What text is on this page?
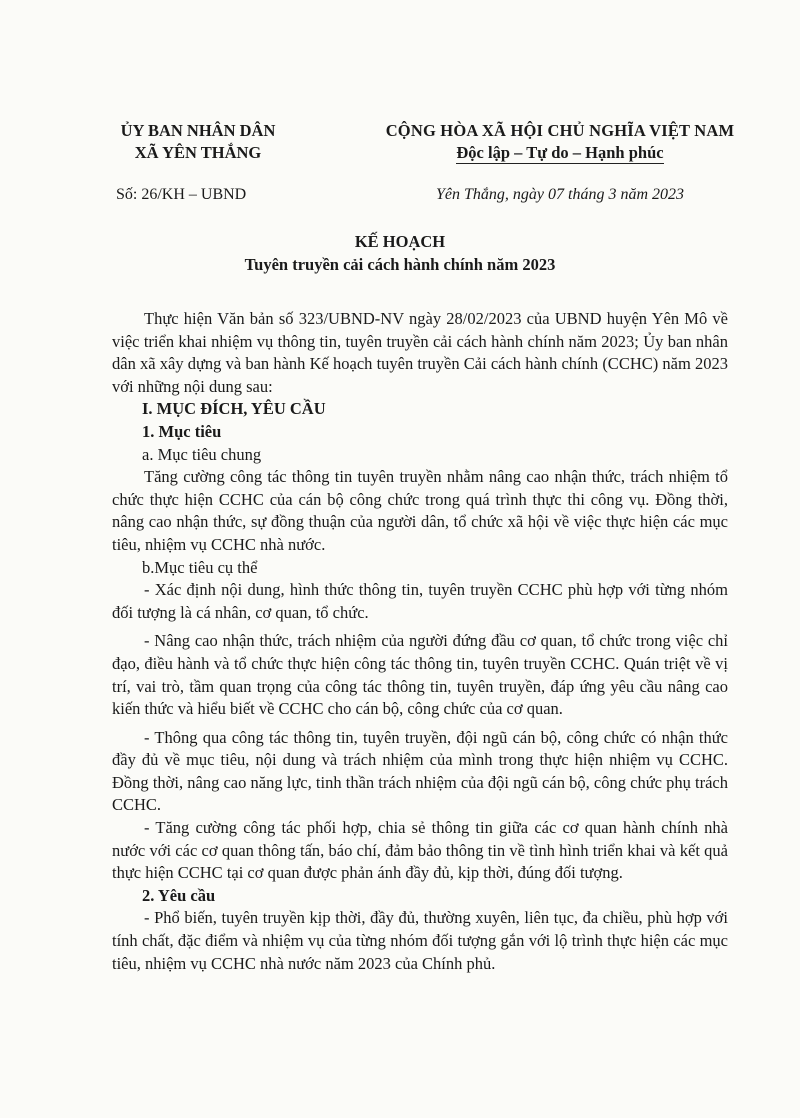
ỦY BAN NHÂN DÂN
XÃ YÊN THẮNG
CỘNG HÒA XÃ HỘI CHỦ NGHĨA VIỆT NAM
Độc lập – Tự do – Hạnh phúc
Số: 26/KH – UBND	Yên Thắng, ngày 07 tháng 3 năm 2023
KẾ HOẠCH
Tuyên truyền cải cách hành chính năm 2023

Thực hiện Văn bản số 323/UBND-NV ngày 28/02/2023 của UBND huyện Yên Mô về việc triển khai nhiệm vụ thông tin, tuyên truyền cải cách hành chính năm 2023; Ủy ban nhân dân xã xây dựng và ban hành Kế hoạch tuyên truyền Cải cách hành chính (CCHC) năm 2023 với những nội dung sau:

I. MỤC ĐÍCH, YÊU CẦU

1. Mục tiêu

a. Mục tiêu chung

Tăng cường công tác thông tin tuyên truyền nhằm nâng cao nhận thức, trách nhiệm tổ chức thực hiện CCHC của cán bộ công chức trong quá trình thực thi công vụ. Đồng thời, nâng cao nhận thức, sự đồng thuận của người dân, tổ chức xã hội về việc thực hiện các mục tiêu, nhiệm vụ CCHC nhà nước.

b.Mục tiêu cụ thể

- Xác định nội dung, hình thức thông tin, tuyên truyền CCHC phù hợp với từng nhóm đối tượng là cá nhân, cơ quan, tổ chức.

- Nâng cao nhận thức, trách nhiệm của người đứng đầu cơ quan, tổ chức trong việc chỉ đạo, điều hành và tổ chức thực hiện công tác thông tin, tuyên truyền CCHC. Quán triệt về vị trí, vai trò, tầm quan trọng của công tác thông tin, tuyên truyền, đáp ứng yêu cầu nâng cao kiến thức và hiểu biết về CCHC cho cán bộ, công chức của cơ quan.

- Thông qua công tác thông tin, tuyên truyền, đội ngũ cán bộ, công chức có nhận thức đầy đủ về mục tiêu, nội dung và trách nhiệm của mình trong thực hiện nhiệm vụ CCHC. Đồng thời, nâng cao năng lực, tinh thần trách nhiệm của đội ngũ cán bộ, công chức phụ trách CCHC.

- Tăng cường công tác phối hợp, chia sẻ thông tin giữa các cơ quan hành chính nhà nước với các cơ quan thông tấn, báo chí, đảm bảo thông tin về tình hình triển khai và kết quả thực hiện CCHC tại cơ quan được phản ánh đầy đủ, kịp thời, đúng đối tượng.

2. Yêu cầu

- Phổ biến, tuyên truyền kịp thời, đầy đủ, thường xuyên, liên tục, đa chiều, phù hợp với tính chất, đặc điểm và nhiệm vụ của từng nhóm đối tượng gắn với lộ trình thực hiện các mục tiêu, nhiệm vụ CCHC nhà nước năm 2023 của Chính phủ.
